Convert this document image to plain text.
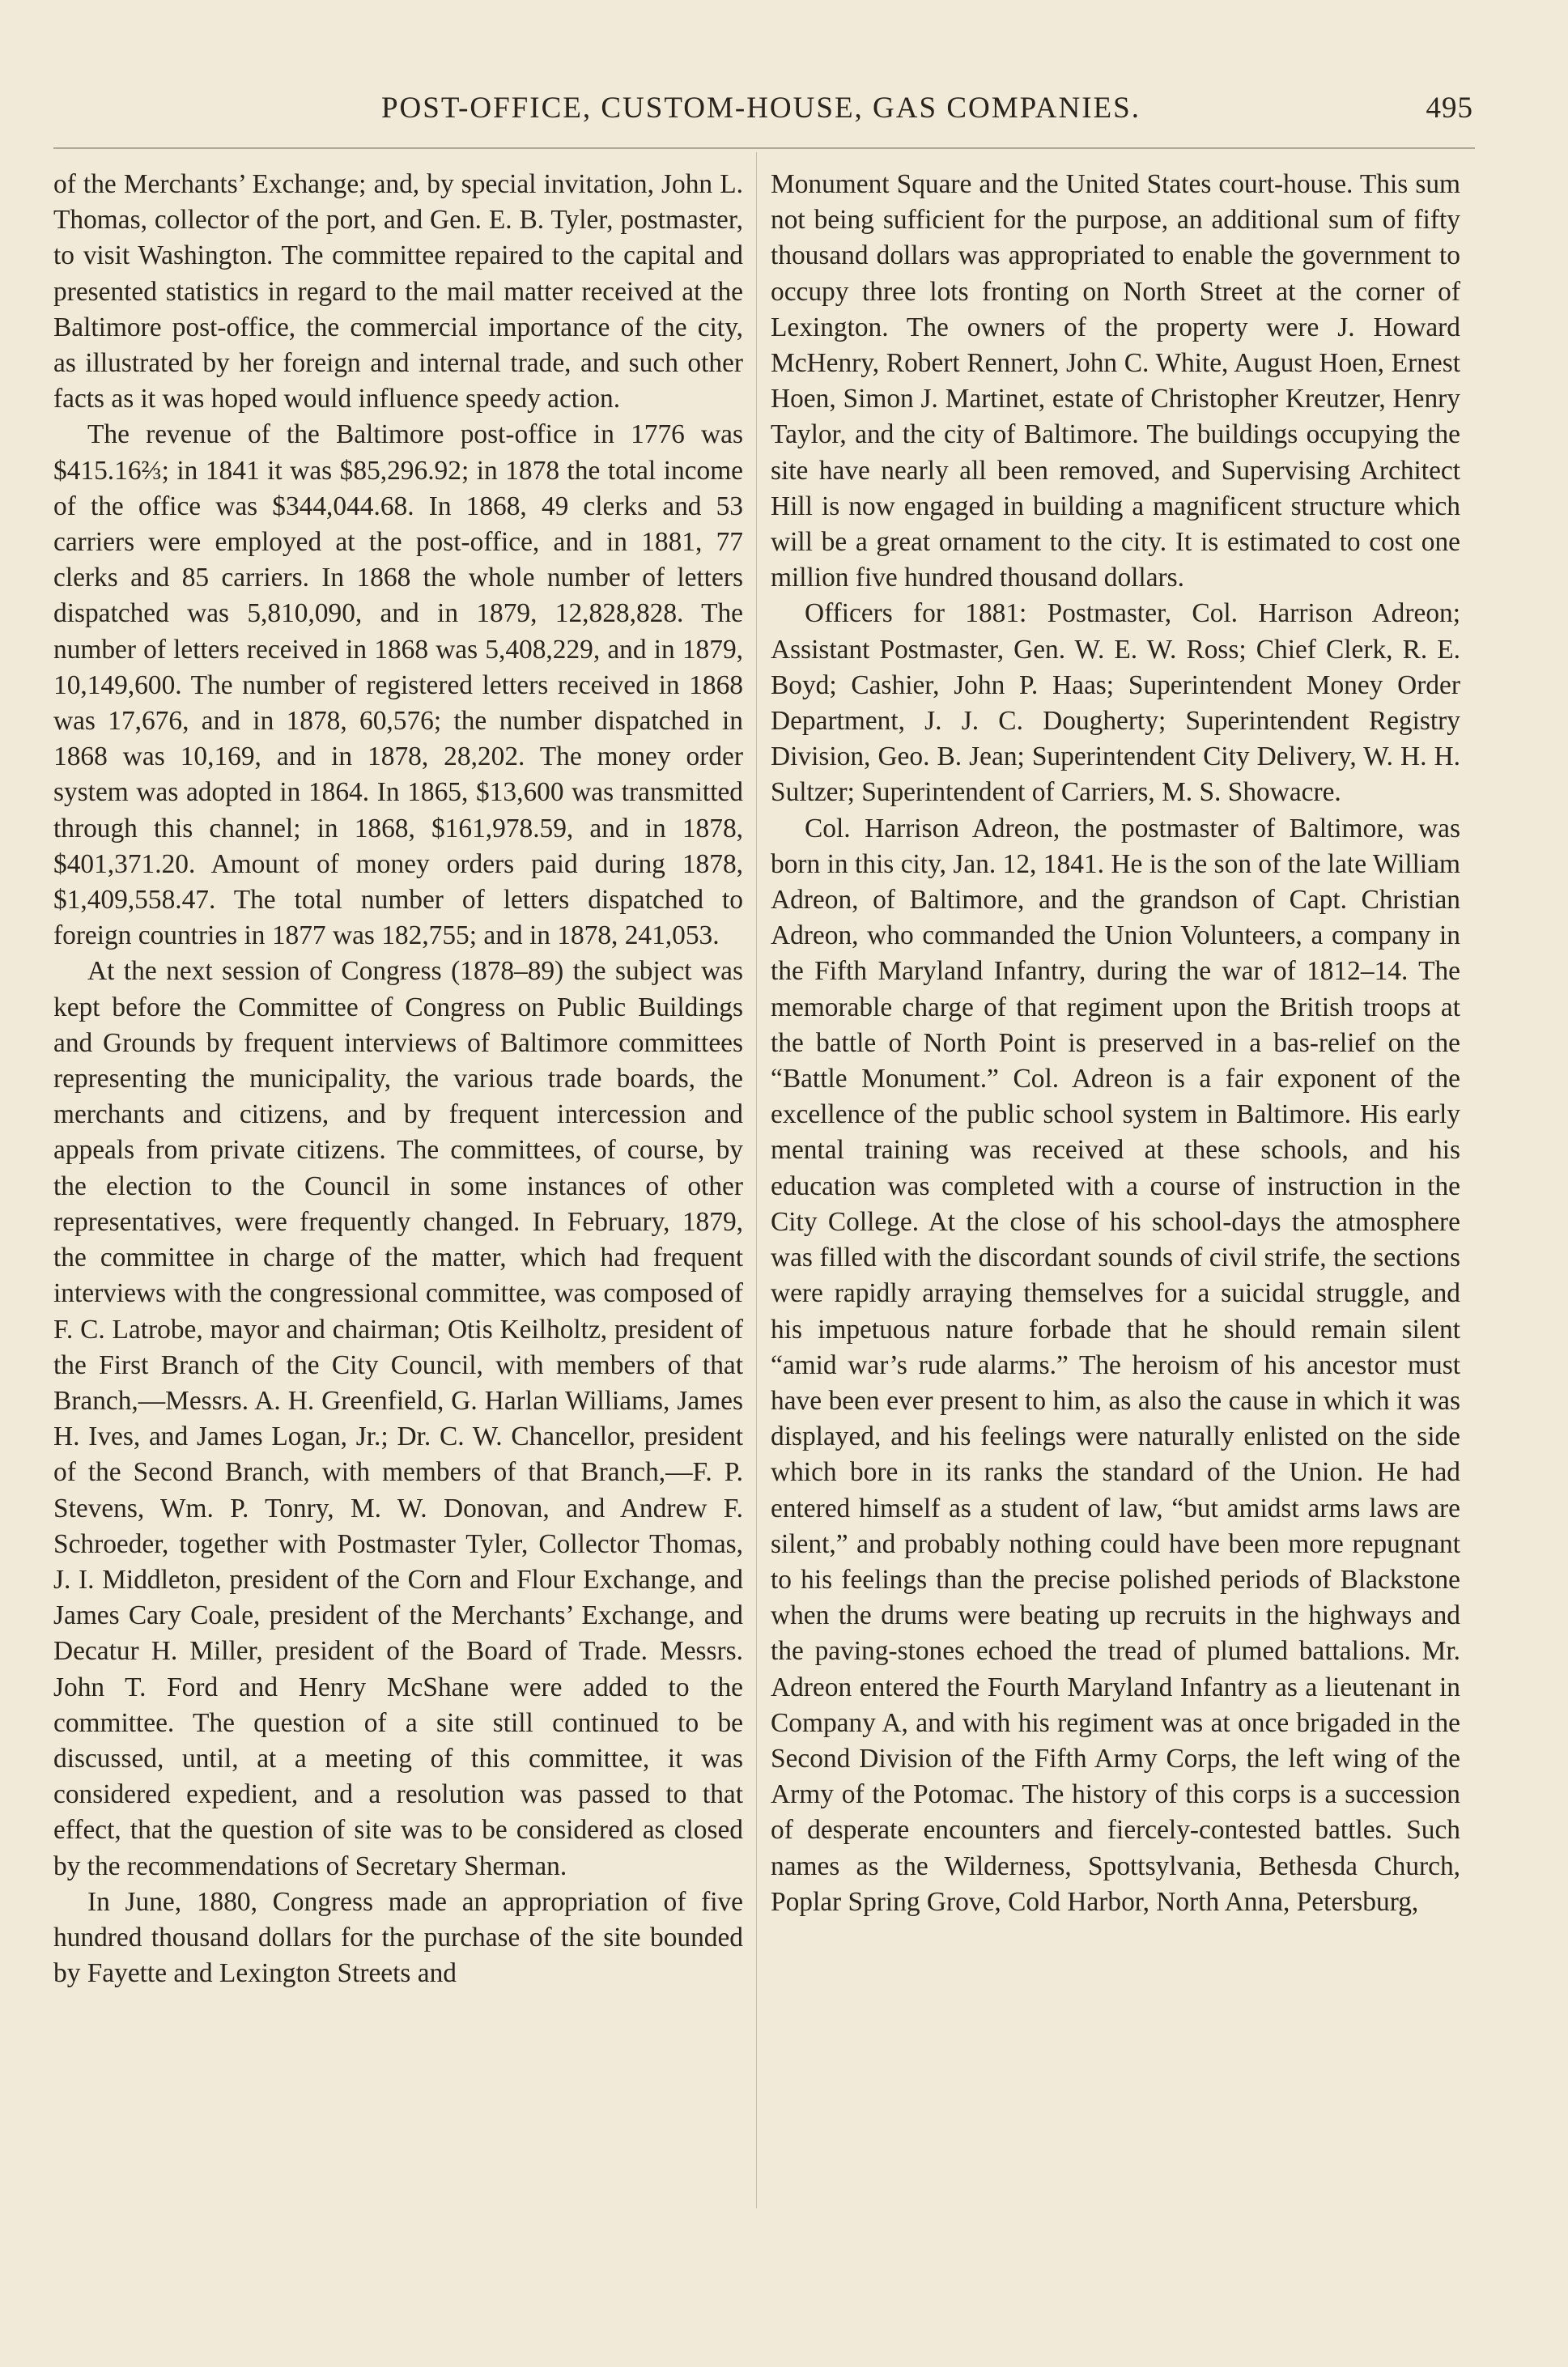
POST-OFFICE, CUSTOM-HOUSE, GAS COMPANIES.	495

of the Merchants’ Exchange; and, by special invitation, John L. Thomas, collector of the port, and Gen. E. B. Tyler, postmaster, to visit Washington. The committee repaired to the capital and presented statistics in regard to the mail matter received at the Baltimore post-office, the commercial importance of the city, as illustrated by her foreign and internal trade, and such other facts as it was hoped would influence speedy action.

The revenue of the Baltimore post-office in 1776 was $415.16⅔; in 1841 it was $85,296.92; in 1878 the total income of the office was $344,044.68. In 1868, 49 clerks and 53 carriers were employed at the post-office, and in 1881, 77 clerks and 85 carriers. In 1868 the whole number of letters dispatched was 5,810,090, and in 1879, 12,828,828. The number of letters received in 1868 was 5,408,229, and in 1879, 10,149,600. The number of registered letters received in 1868 was 17,676, and in 1878, 60,576; the number dispatched in 1868 was 10,169, and in 1878, 28,202. The money order system was adopted in 1864. In 1865, $13,600 was transmitted through this channel; in 1868, $161,978.59, and in 1878, $401,371.20. Amount of money orders paid during 1878, $1,409,558.47. The total number of letters dispatched to foreign countries in 1877 was 182,755; and in 1878, 241,053.

At the next session of Congress (1878–89) the subject was kept before the Committee of Congress on Public Buildings and Grounds by frequent interviews of Baltimore committees representing the municipality, the various trade boards, the merchants and citizens, and by frequent intercession and appeals from private citizens. The committees, of course, by the election to the Council in some instances of other representatives, were frequently changed. In February, 1879, the committee in charge of the matter, which had frequent interviews with the congressional committee, was composed of F. C. Latrobe, mayor and chairman; Otis Keilholtz, president of the First Branch of the City Council, with members of that Branch,—Messrs. A. H. Greenfield, G. Harlan Williams, James H. Ives, and James Logan, Jr.; Dr. C. W. Chancellor, president of the Second Branch, with members of that Branch,—F. P. Stevens, Wm. P. Tonry, M. W. Donovan, and Andrew F. Schroeder, together with Postmaster Tyler, Collector Thomas, J. I. Middleton, president of the Corn and Flour Exchange, and James Cary Coale, president of the Merchants’ Exchange, and Decatur H. Miller, president of the Board of Trade. Messrs. John T. Ford and Henry McShane were added to the committee. The question of a site still continued to be discussed, until, at a meeting of this committee, it was considered expedient, and a resolution was passed to that effect, that the question of site was to be considered as closed by the recommendations of Secretary Sherman.

In June, 1880, Congress made an appropriation of five hundred thousand dollars for the purchase of the site bounded by Fayette and Lexington Streets and

Monument Square and the United States court-house. This sum not being sufficient for the purpose, an additional sum of fifty thousand dollars was appropriated to enable the government to occupy three lots fronting on North Street at the corner of Lexington. The owners of the property were J. Howard McHenry, Robert Rennert, John C. White, August Hoen, Ernest Hoen, Simon J. Martinet, estate of Christopher Kreutzer, Henry Taylor, and the city of Baltimore. The buildings occupying the site have nearly all been removed, and Supervising Architect Hill is now engaged in building a magnificent structure which will be a great ornament to the city. It is estimated to cost one million five hundred thousand dollars.

Officers for 1881: Postmaster, Col. Harrison Adreon; Assistant Postmaster, Gen. W. E. W. Ross; Chief Clerk, R. E. Boyd; Cashier, John P. Haas; Superintendent Money Order Department, J. J. C. Dougherty; Superintendent Registry Division, Geo. B. Jean; Superintendent City Delivery, W. H. H. Sultzer; Superintendent of Carriers, M. S. Showacre.

Col. Harrison Adreon, the postmaster of Baltimore, was born in this city, Jan. 12, 1841. He is the son of the late William Adreon, of Baltimore, and the grandson of Capt. Christian Adreon, who commanded the Union Volunteers, a company in the Fifth Maryland Infantry, during the war of 1812–14. The memorable charge of that regiment upon the British troops at the battle of North Point is preserved in a bas-relief on the “Battle Monument.” Col. Adreon is a fair exponent of the excellence of the public school system in Baltimore. His early mental training was received at these schools, and his education was completed with a course of instruction in the City College. At the close of his school-days the atmosphere was filled with the discordant sounds of civil strife, the sections were rapidly arraying themselves for a suicidal struggle, and his impetuous nature forbade that he should remain silent “amid war’s rude alarms.” The heroism of his ancestor must have been ever present to him, as also the cause in which it was displayed, and his feelings were naturally enlisted on the side which bore in its ranks the standard of the Union. He had entered himself as a student of law, “but amidst arms laws are silent,” and probably nothing could have been more repugnant to his feelings than the precise polished periods of Blackstone when the drums were beating up recruits in the highways and the paving-stones echoed the tread of plumed battalions. Mr. Adreon entered the Fourth Maryland Infantry as a lieutenant in Company A, and with his regiment was at once brigaded in the Second Division of the Fifth Army Corps, the left wing of the Army of the Potomac. The history of this corps is a succession of desperate encounters and fiercely-contested battles. Such names as the Wilderness, Spottsylvania, Bethesda Church, Poplar Spring Grove, Cold Harbor, North Anna, Petersburg,
